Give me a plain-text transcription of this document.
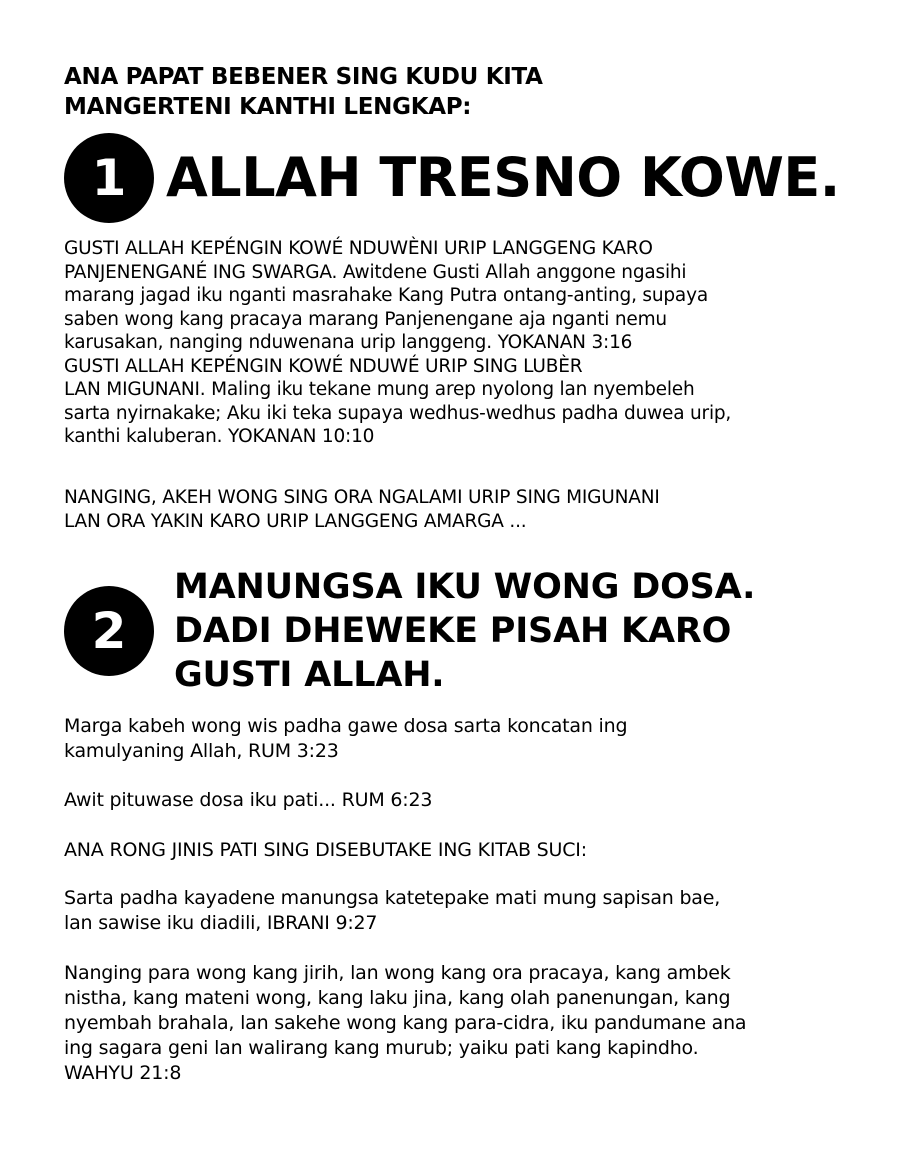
ANA PAPAT BEBENER SING KUDU KITA
MANGERTENI KANTHI LENGKAP:
1 ALLAH TRESNO KOWE.
GUSTI ALLAH KEPÉNGIN KOWÉ NDUWÈNI URIP LANGGENG KARO
PANJENENGANÉ ING SWARGA. Awitdene Gusti Allah anggone ngasihi
marang jagad iku nganti masrahake Kang Putra ontang-anting, supaya
saben wong kang pracaya marang Panjenengane aja nganti nemu
karusakan, nanging nduwenana urip langgeng. YOKANAN 3:16
GUSTI ALLAH KEPÉNGIN KOWÉ NDUWÉ URIP SING LUBÈR
LAN MIGUNANI. Maling iku tekane mung arep nyolong lan nyembeleh
sarta nyirnakake; Aku iki teka supaya wedhus-wedhus padha duwea urip,
kanthi kaluberan. YOKANAN 10:10
NANGING, AKEH WONG SING ORA NGALAMI URIP SING MIGUNANI
LAN ORA YAKIN KARO URIP LANGGENG AMARGA ...
2
MANUNGSA IKU WONG DOSA.
DADI DHEWEKE PISAH KARO
GUSTI ALLAH.
Marga kabeh wong wis padha gawe dosa sarta koncatan ing
kamulyaning Allah, RUM 3:23
Awit pituwase dosa iku pati... RUM 6:23
ANA RONG JINIS PATI SING DISEBUTAKE ING KITAB SUCI:
Sarta padha kayadene manungsa katetepake mati mung sapisan bae,
lan sawise iku diadili, IBRANI 9:27
Nanging para wong kang jirih, lan wong kang ora pracaya, kang ambek
nistha, kang mateni wong, kang laku jina, kang olah panenungan, kang
nyembah brahala, lan sakehe wong kang para-cidra, iku pandumane ana
ing sagara geni lan walirang kang murub; yaiku pati kang kapindho.
WAHYU 21:8
